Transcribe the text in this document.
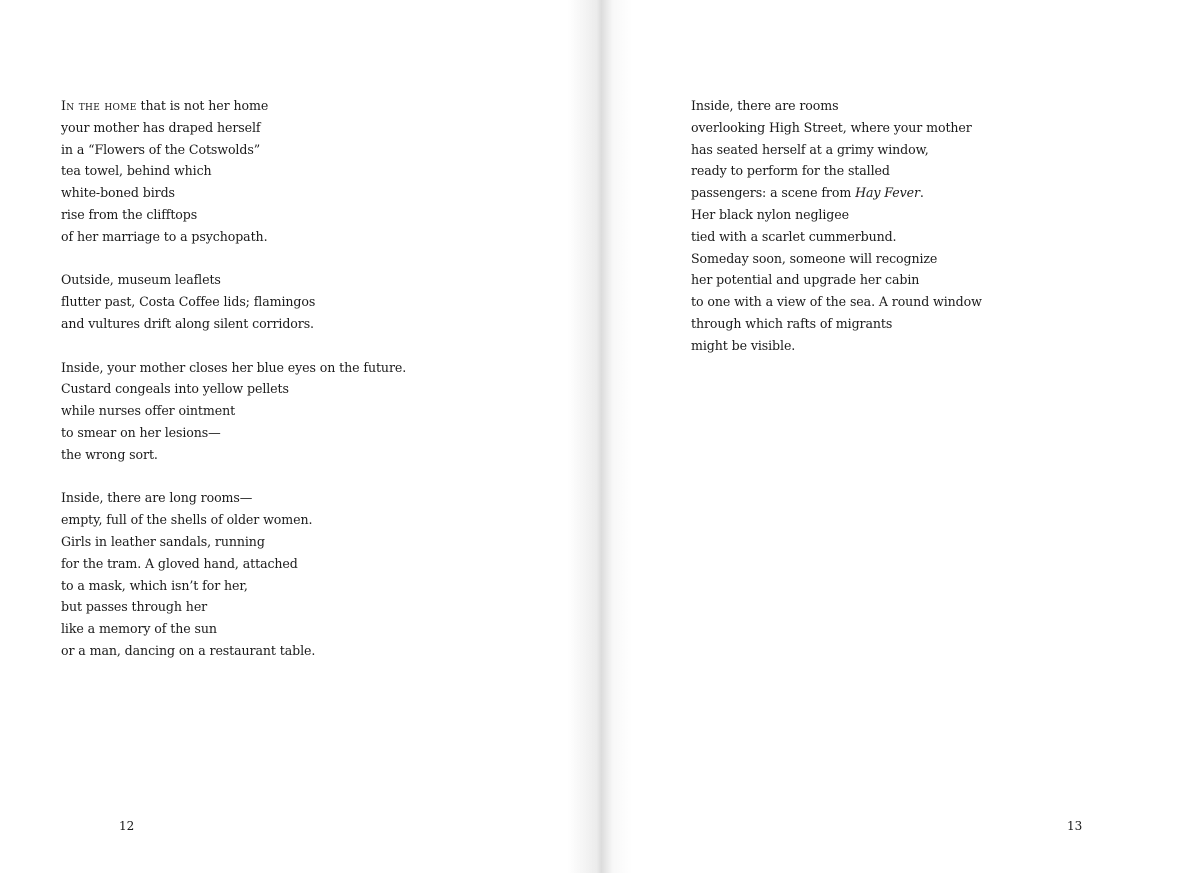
In the home that is not her home
your mother has draped herself
in a “Flowers of the Cotswolds”
tea towel, behind which
white-boned birds
rise from the clifftops
of her marriage to a psychopath.
Outside, museum leaflets
flutter past, Costa Coffee lids; flamingos
and vultures drift along silent corridors.
Inside, your mother closes her blue eyes on the future.
Custard congeals into yellow pellets
while nurses offer ointment
to smear on her lesions—
the wrong sort.
Inside, there are long rooms—
empty, full of the shells of older women.
Girls in leather sandals, running
for the tram. A gloved hand, attached
to a mask, which isn’t for her,
but passes through her
like a memory of the sun
or a man, dancing on a restaurant table.
12
Inside, there are rooms
overlooking High Street, where your mother
has seated herself at a grimy window,
ready to perform for the stalled
passengers: a scene from Hay Fever.
Her black nylon negligee
tied with a scarlet cummerbund.
Someday soon, someone will recognize
her potential and upgrade her cabin
to one with a view of the sea. A round window
through which rafts of migrants
might be visible.
13
